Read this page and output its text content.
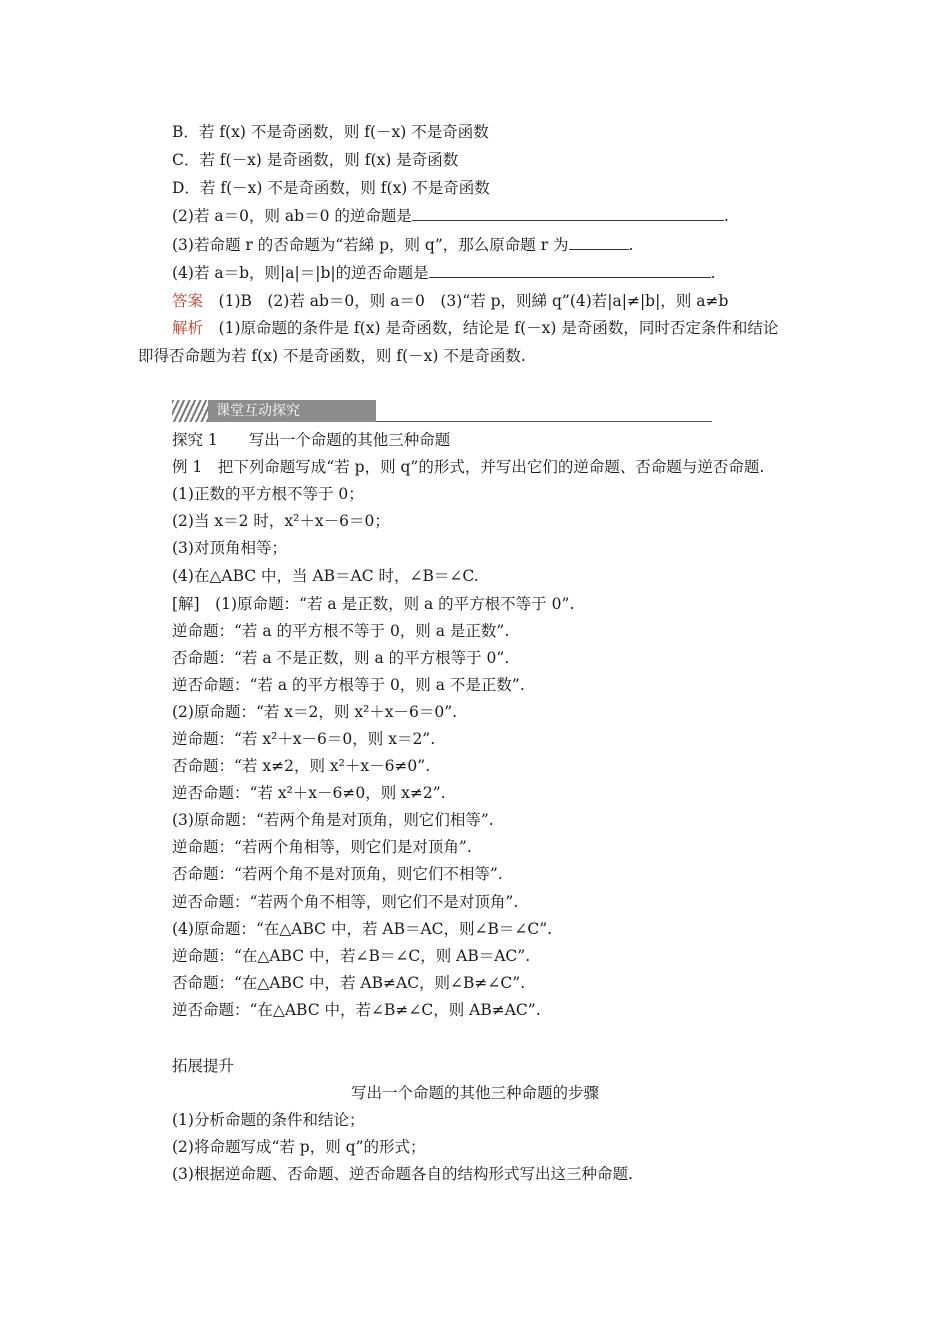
B．若 f(x) 不是奇函数，则 f(－x) 不是奇函数
C．若 f(－x) 是奇函数，则 f(x) 是奇函数
D．若 f(－x) 不是奇函数，则 f(x) 不是奇函数
(2)若 a＝0，则 ab＝0 的逆命题是	.
(3)若命题 r 的否命题为“若綈 p，则 q”，那么原命题 r 为	.
(4)若 a＝b，则|a|＝|b|的逆否命题是	.
答案　 (1)B　(2)若 ab＝0，则 a＝0　(3)“若 p，则綈 q”(4)若|a|≠|b|，则 a≠b
解析　 (1)原命题的条件是 f(x) 是奇函数，结论是 f(－x) 是奇函数，同时否定条件和结论即得否命题为若 f(x) 不是奇函数，则 f(－x) 不是奇函数.
课堂互动探究
探究 1　　写出一个命题的其他三种命题
例 1　把下列命题写成“若 p，则 q”的形式，并写出它们的逆命题、否命题与逆否命题.
(1)正数的平方根不等于 0；
(2)当 x＝2 时，x²＋x－6＝0；
(3)对顶角相等；
(4)在△ABC 中，当 AB＝AC 时，∠B＝∠C.
[解]　(1)原命题：“若 a 是正数，则 a 的平方根不等于 0”.
逆命题：“若 a 的平方根不等于 0，则 a 是正数”.
否命题：“若 a 不是正数，则 a 的平方根等于 0”.
逆否命题：“若 a 的平方根等于 0，则 a 不是正数”.
(2)原命题：“若 x＝2，则 x²＋x－6＝0”.
逆命题：“若 x²＋x－6＝0，则 x＝2”.
否命题：“若 x≠2，则 x²＋x－6≠0”.
逆否命题：“若 x²＋x－6≠0，则 x≠2”.
(3)原命题：“若两个角是对顶角，则它们相等”.
逆命题：“若两个角相等，则它们是对顶角”.
否命题：“若两个角不是对顶角，则它们不相等”.
逆否命题：“若两个角不相等，则它们不是对顶角”.
(4)原命题：“在△ABC 中，若 AB＝AC，则∠B＝∠C”.
逆命题：“在△ABC 中，若∠B＝∠C，则 AB＝AC”.
否命题：“在△ABC 中，若 AB≠AC，则∠B≠∠C”.
逆否命题：“在△ABC 中，若∠B≠∠C，则 AB≠AC”.
拓展提升
写出一个命题的其他三种命题的步骤
(1)分析命题的条件和结论；
(2)将命题写成“若 p，则 q”的形式；
(3)根据逆命题、否命题、逆否命题各自的结构形式写出这三种命题.
